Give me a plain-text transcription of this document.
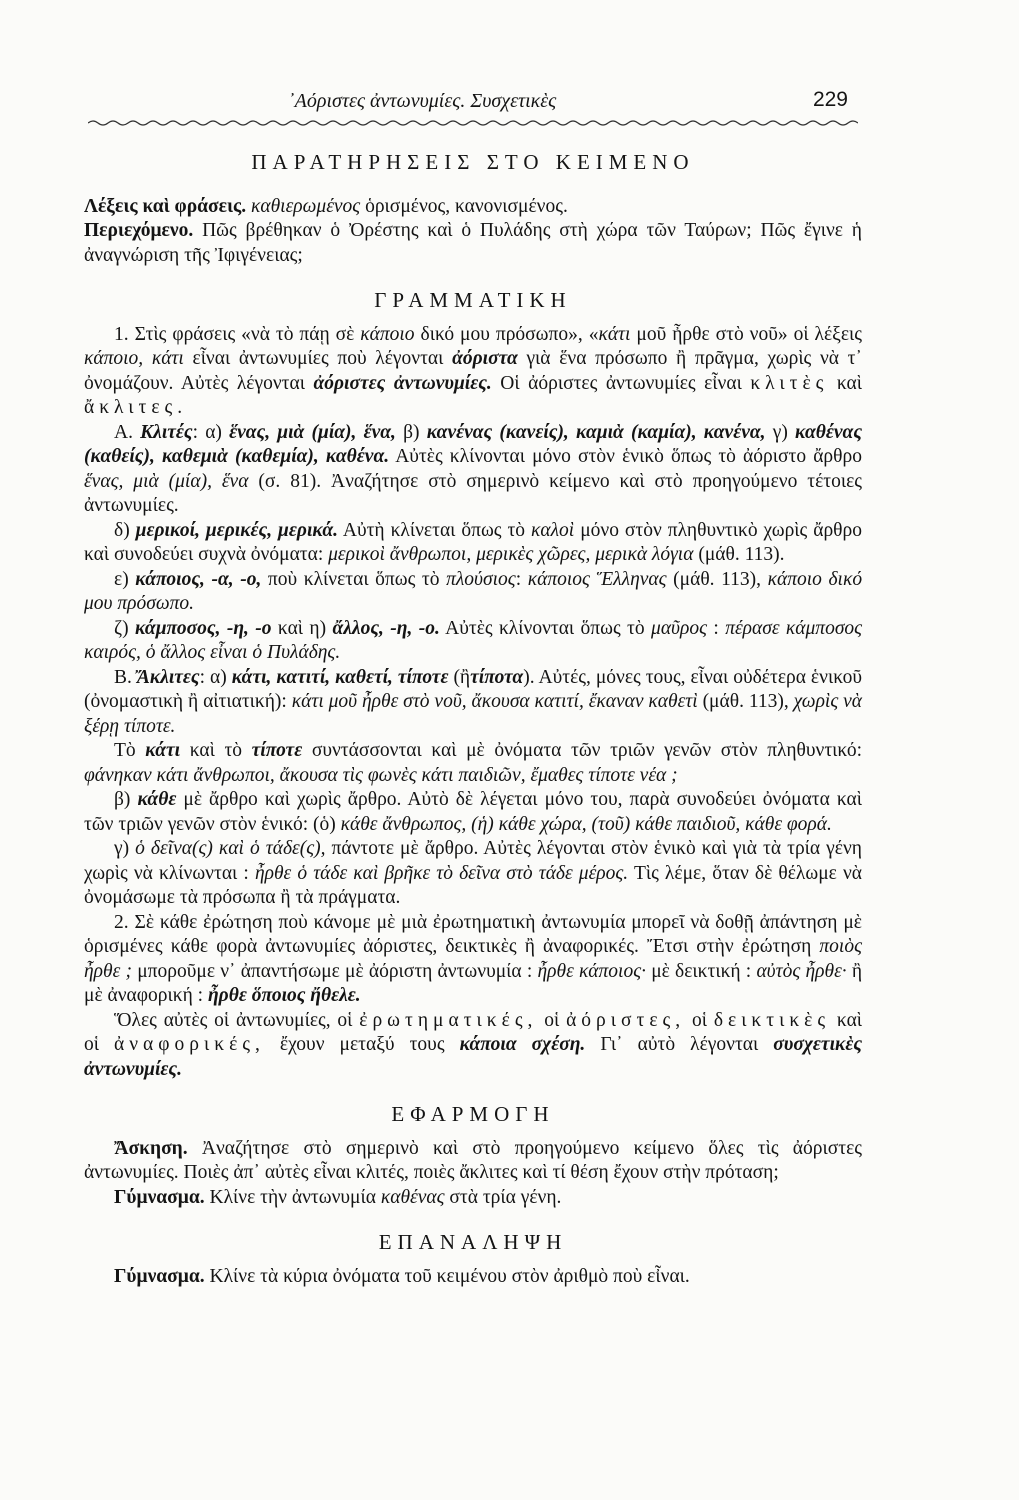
᾿Αόριστες ἀντωνυμίες. Συσχετικὲς	229
ΠΑΡΑΤΗΡΗΣΕΙΣ ΣΤΟ ΚΕΙΜΕΝΟ

Λέξεις καὶ φράσεις. καθιερωμένος ὁρισμένος, κανονισμένος.

Περιεχόμενο. Πῶς βρέθηκαν ὁ Ὀρέστης καὶ ὁ Πυλάδης στὴ χώρα τῶν Ταύρων; Πῶς ἔγινε ἡ ἀναγνώριση τῆς Ἰφιγένειας;

ΓΡΑΜΜΑΤΙΚΗ

1. Στὶς φράσεις «νὰ τὸ πάῃ σὲ κάποιο δικό μου πρόσωπο», «κάτι μοῦ ἦρθε στὸ νοῦ» οἱ λέξεις κάποιο, κάτι εἶναι ἀντωνυμίες ποὺ λέγονται ἀόριστα γιὰ ἕνα πρόσωπο ἢ πρᾶγμα, χωρὶς νὰ τ᾿ ὀνομάζουν. Αὐτὲς λέγονται ἀόριστες ἀντωνυμίες. Οἱ ἀόριστες ἀντωνυμίες εἶναι κλιτὲς καὶ ἄκλιτες.

Α. Κλιτές: α) ἕνας, μιὰ (μία), ἕνα, β) κανένας (κανείς), καμιὰ (καμία), κανένα, γ) καθένας (καθείς), καθεμιὰ (καθεμία), καθένα. Αὐτὲς κλίνονται μόνο στὸν ἑνικὸ ὅπως τὸ ἀόριστο ἄρθρο ἕνας, μιὰ (μία), ἕνα (σ. 81). Ἀναζήτησε στὸ σημερινὸ κείμενο καὶ στὸ προηγούμενο τέτοιες ἀντωνυμίες.

δ) μερικοί, μερικές, μερικά. Αὐτὴ κλίνεται ὅπως τὸ καλοὶ μόνο στὸν πληθυντικὸ χωρὶς ἄρθρο καὶ συνοδεύει συχνὰ ὀνόματα: μερικοὶ ἄνθρωποι, μερικὲς χῶρες, μερικὰ λόγια (μάθ. 113).

ε) κάποιος, -α, -ο, ποὺ κλίνεται ὅπως τὸ πλούσιος: κάποιος Ἕλληνας (μάθ. 113), κάποιο δικό μου πρόσωπο.

ζ) κάμποσος, -η, -ο καὶ η) ἄλλος, -η, -ο. Αὐτὲς κλίνονται ὅπως τὸ μαῦρος : πέρασε κάμποσος καιρός, ὁ ἄλλος εἶναι ὁ Πυλάδης.

Β. Ἄκλιτες: α) κάτι, κατιτί, καθετί, τίποτε (ἢτίποτα). Αὐτές, μόνες τους, εἶναι οὐδέτερα ἑνικοῦ (ὀνομαστικὴ ἢ αἰτιατική): κάτι μοῦ ἦρθε στὸ νοῦ, ἄκουσα κατιτί, ἔκαναν καθετὶ (μάθ. 113), χωρὶς νὰ ξέρῃ τίποτε.

Τὸ κάτι καὶ τὸ τίποτε συντάσσονται καὶ μὲ ὀνόματα τῶν τριῶν γενῶν στὸν πληθυντικό: φάνηκαν κάτι ἄνθρωποι, ἄκουσα τὶς φωνὲς κάτι παιδιῶν, ἔμαθες τίποτε νέα ;

β) κάθε μὲ ἄρθρο καὶ χωρὶς ἄρθρο. Αὐτὸ δὲ λέγεται μόνο του, παρὰ συνοδεύει ὀνόματα καὶ τῶν τριῶν γενῶν στὸν ἑνικό: (ὁ) κάθε ἄνθρωπος, (ἡ) κάθε χώρα, (τοῦ) κάθε παιδιοῦ, κάθε φορά.

γ) ὁ δεῖνα(ς) καὶ ὁ τάδε(ς), πάντοτε μὲ ἄρθρο. Αὐτὲς λέγονται στὸν ἑνικὸ καὶ γιὰ τὰ τρία γένη χωρὶς νὰ κλίνωνται : ἦρθε ὁ τάδε καὶ βρῆκε τὸ δεῖνα στὸ τάδε μέρος. Τὶς λέμε, ὅταν δὲ θέλωμε νὰ ὀνομάσωμε τὰ πρόσωπα ἢ τὰ πράγματα.

2. Σὲ κάθε ἐρώτηση ποὺ κάνομε μὲ μιὰ ἐρωτηματικὴ ἀντωνυμία μπορεῖ νὰ δοθῇ ἀπάντηση μὲ ὁρισμένες κάθε φορὰ ἀντωνυμίες ἀόριστες, δεικτικὲς ἢ ἀναφορικές. Ἔτσι στὴν ἐρώτηση ποιὸς ἦρθε ; μποροῦμε ν᾿ ἀπαντήσωμε μὲ ἀόριστη ἀντωνυμία : ἦρθε κάποιος· μὲ δεικτική : αὐτὸς ἦρθε· ἢ μὲ ἀναφορική : ἦρθε ὅποιος ἤθελε.

Ὅλες αὐτὲς οἱ ἀντωνυμίες, οἱ ἐρωτηματικές, οἱ ἀόριστες, οἱ δεικτικὲς καὶ οἱ ἀναφορικές, ἔχουν μεταξύ τους κάποια σχέση. Γι᾿ αὐτὸ λέγονται συσχετικὲς ἀντωνυμίες.

ΕΦΑΡΜΟΓΗ

Ἄσκηση. Ἀναζήτησε στὸ σημερινὸ καὶ στὸ προηγούμενο κείμενο ὅλες τὶς ἀόριστες ἀντωνυμίες. Ποιὲς ἀπ᾿ αὐτὲς εἶναι κλιτές, ποιὲς ἄκλιτες καὶ τί θέση ἔχουν στὴν πρόταση;

Γύμνασμα. Κλίνε τὴν ἀντωνυμία καθένας στὰ τρία γένη.

ΕΠΑΝΑΛΗΨΗ

Γύμνασμα. Κλίνε τὰ κύρια ὀνόματα τοῦ κειμένου στὸν ἀριθμὸ ποὺ εἶναι.
